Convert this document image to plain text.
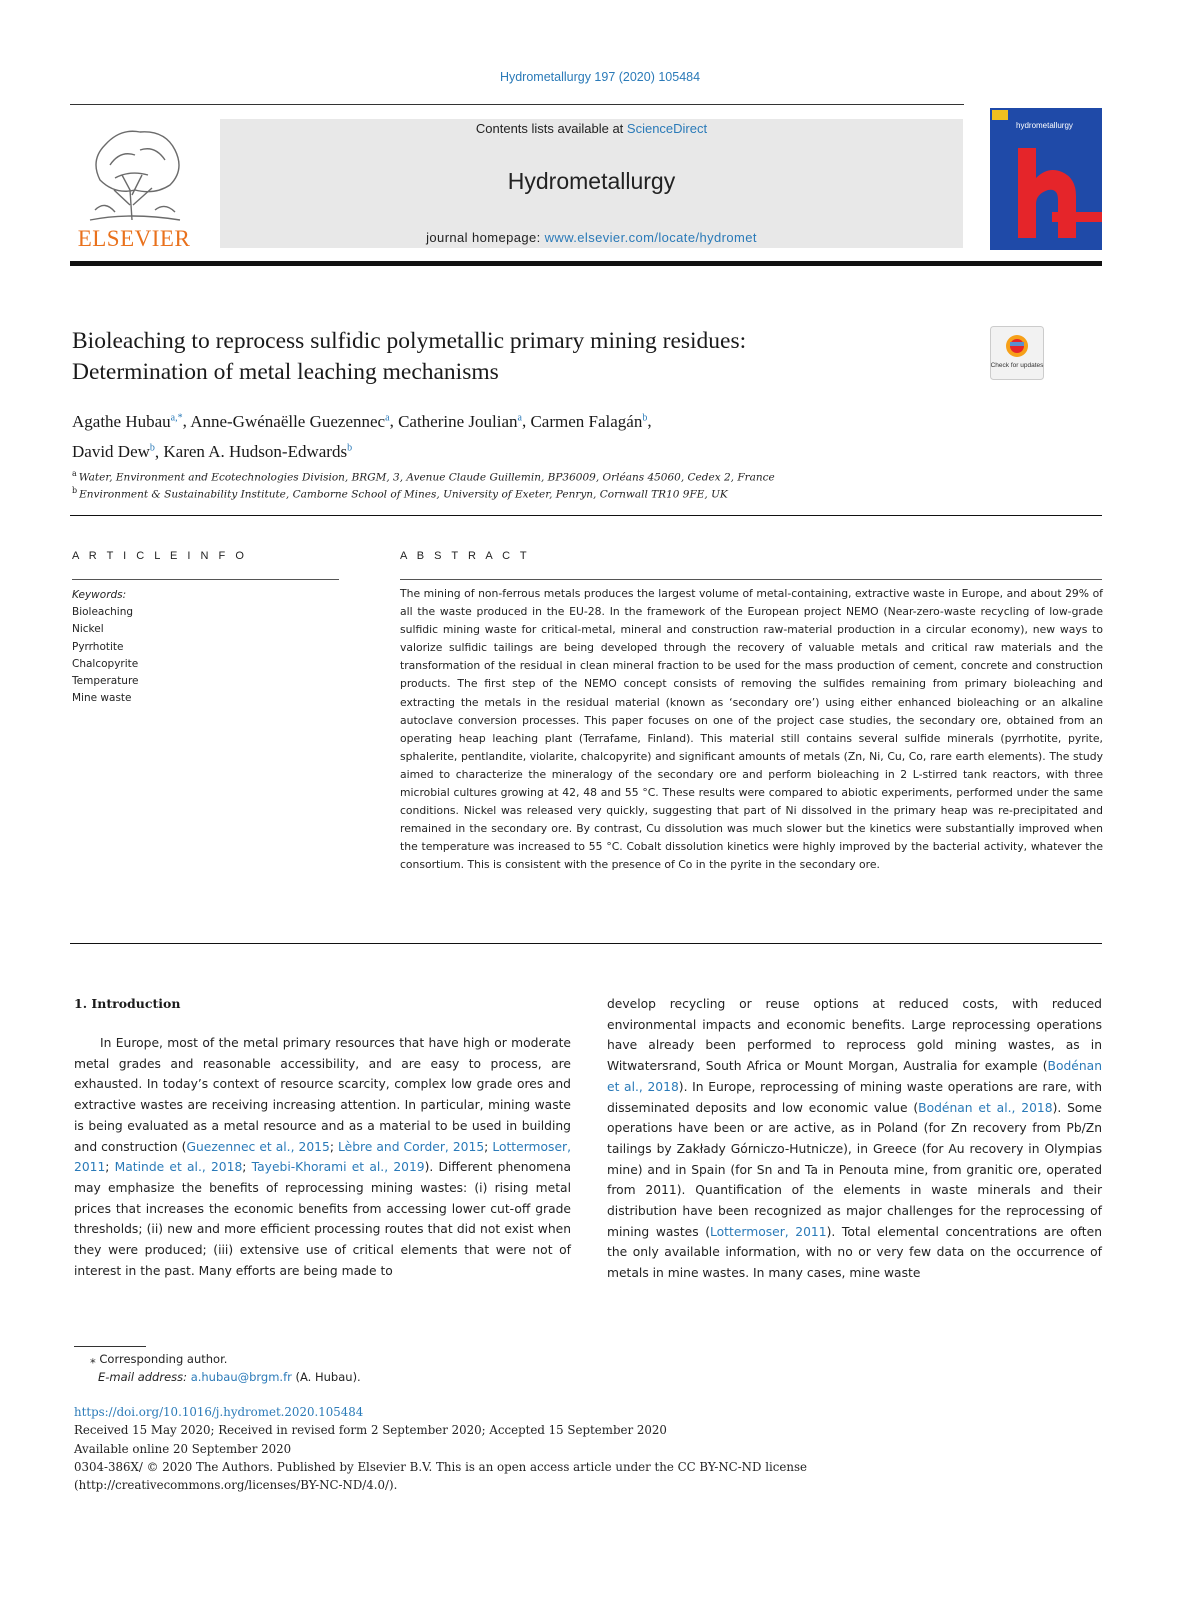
Hydrometallurgy 197 (2020) 105484
ELSEVIER
Contents lists available at ScienceDirect
Hydrometallurgy
journal homepage: www.elsevier.com/locate/hydromet
hydrometallurgy
Bioleaching to reprocess sulfidic polymetallic primary mining residues:
Determination of metal leaching mechanisms	Check for updates
Agathe Hubau$^{a,*}$, Anne-Gwénaëlle Guezennec$^a$, Catherine Joulian$^a$, Carmen Falagán$^b$,
David Dew$^b$, Karen A. Hudson-Edwards$^b$
$^a$ Water, Environment and Ecotechnologies Division, BRGM, 3, Avenue Claude Guillemin, BP36009, Orléans 45060, Cedex 2, France
$^b$ Environment & Sustainability Institute, Camborne School of Mines, University of Exeter, Penryn, Cornwall TR10 9FE, UK
A R T I C L E I N F O	A B S T R A C T
Keywords:
Bioleaching
Nickel
Pyrrhotite
Chalcopyrite
Temperature
Mine waste
The mining of non-ferrous metals produces the largest volume of metal-containing, extractive waste in Europe, and about 29% of all the waste produced in the EU-28. In the framework of the European project NEMO (Near-zero-waste recycling of low-grade sulfidic mining waste for critical-metal, mineral and construction raw-material production in a circular economy), new ways to valorize sulfidic tailings are being developed through the recovery of valuable metals and critical raw materials and the transformation of the residual in clean mineral fraction to be used for the mass production of cement, concrete and construction products. The first step of the NEMO concept consists of removing the sulfides remaining from primary bioleaching and extracting the metals in the residual material (known as ‘secondary ore’) using either enhanced bioleaching or an alkaline autoclave conversion processes. This paper focuses on one of the project case studies, the secondary ore, obtained from an operating heap leaching plant (Terrafame, Finland). This material still contains several sulfide minerals (pyrrhotite, pyrite, sphalerite, pentlandite, violarite, chalcopyrite) and significant amounts of metals (Zn, Ni, Cu, Co, rare earth elements). The study aimed to characterize the mineralogy of the secondary ore and perform bioleaching in 2 L-stirred tank reactors, with three microbial cultures growing at 42, 48 and 55 °C. These results were compared to abiotic experiments, performed under the same conditions. Nickel was released very quickly, suggesting that part of Ni dissolved in the primary heap was re-precipitated and remained in the secondary ore. By contrast, Cu dissolution was much slower but the kinetics were substantially improved when the temperature was increased to 55 °C. Cobalt dissolution kinetics were highly improved by the bacterial activity, whatever the consortium. This is consistent with the presence of Co in the pyrite in the secondary ore.
1. Introduction
In Europe, most of the metal primary resources that have high or moderate metal grades and reasonable accessibility, and are easy to process, are exhausted. In today’s context of resource scarcity, complex low grade ores and extractive wastes are receiving increasing attention. In particular, mining waste is being evaluated as a metal resource and as a material to be used in building and construction (Guezennec et al., 2015; Lèbre and Corder, 2015; Lottermoser, 2011; Matinde et al., 2018; Tayebi-Khorami et al., 2019). Different phenomena may emphasize the benefits of reprocessing mining wastes: (i) rising metal prices that increases the economic benefits from accessing lower cut-off grade thresholds; (ii) new and more efficient processing routes that did not exist when they were produced; (iii) extensive use of critical elements that were not of interest in the past. Many efforts are being made to
develop recycling or reuse options at reduced costs, with reduced environmental impacts and economic benefits. Large reprocessing operations have already been performed to reprocess gold mining wastes, as in Witwatersrand, South Africa or Mount Morgan, Australia for example (Bodénan et al., 2018). In Europe, reprocessing of mining waste operations are rare, with disseminated deposits and low economic value (Bodénan et al., 2018). Some operations have been or are active, as in Poland (for Zn recovery from Pb/Zn tailings by Zakłady Górniczo-Hutnicze), in Greece (for Au recovery in Olympias mine) and in Spain (for Sn and Ta in Penouta mine, from granitic ore, operated from 2011). Quantification of the elements in waste minerals and their distribution have been recognized as major challenges for the reprocessing of mining wastes (Lottermoser, 2011). Total elemental concentrations are often the only available information, with no or very few data on the occurrence of metals in mine wastes. In many cases, mine waste
⁎ Corresponding author.
E-mail address: a.hubau@brgm.fr (A. Hubau).
https://doi.org/10.1016/j.hydromet.2020.105484
Received 15 May 2020; Received in revised form 2 September 2020; Accepted 15 September 2020
Available online 20 September 2020
0304-386X/ © 2020 The Authors. Published by Elsevier B.V. This is an open access article under the CC BY-NC-ND license
(http://creativecommons.org/licenses/BY-NC-ND/4.0/).
